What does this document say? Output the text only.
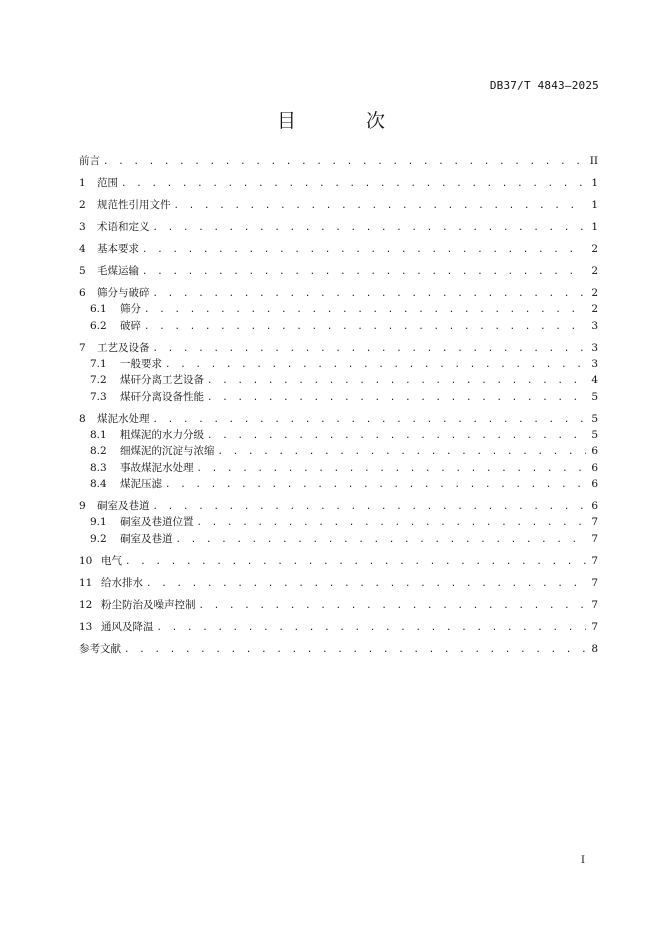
DB37/T 4843—2025
目 次
前言 . . .	II
1	范围 . . .	1
2	规范性引用文件 . . .	1
3	术语和定义 . . .	1
4	基本要求 . . .	2
5	毛煤运输 . . .	2
6	筛分与破碎 . . .	2
6.1	筛分 . . .	2
6.2	破碎 . . .	3
7	工艺及设备 . . .	3
7.1	一般要求 . . .	3
7.2	煤矸分离工艺设备 . . .	4
7.3	煤矸分离设备性能 . . .	5
8	煤泥水处理 . . .	5
8.1	粗煤泥的水力分级 . . .	5
8.2	细煤泥的沉淀与浓缩 . . .	6
8.3	事故煤泥水处理 . . .	6
8.4	煤泥压滤 . . .	6
9	硐室及巷道 . . .	6
9.1	硐室及巷道位置 . . .	7
9.2	硐室及巷道 . . .	7
10 电气 . . .	7
11 给水排水 . . .	7
12 粉尘防治及噪声控制 . . .	7
13 通风及降温 . . .	7
参考文献 . . .	8
I
